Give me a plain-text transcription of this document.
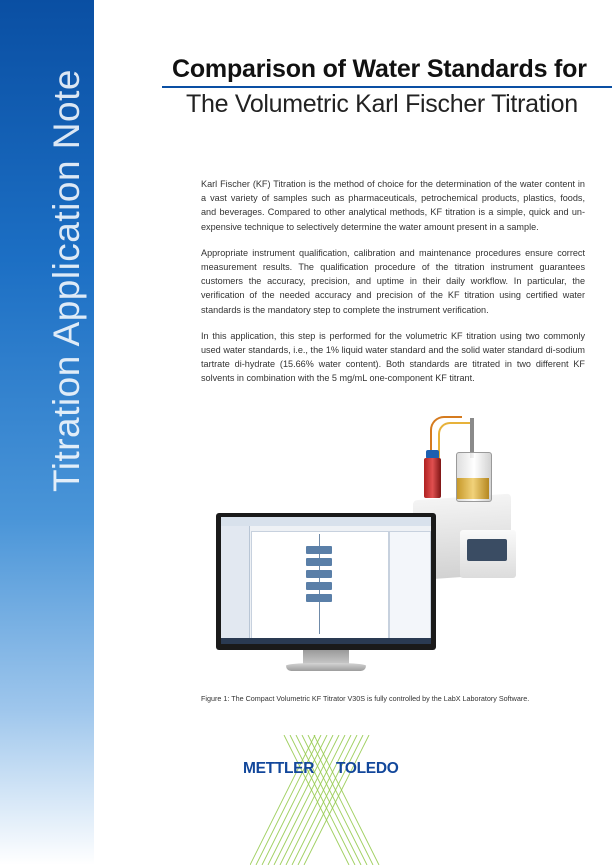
Titration Application Note
Comparison of Water Standards for
The Volumetric Karl Fischer Titration

Karl Fischer (KF) Titration is the method of choice for the determination of the water content in a vast variety of samples such as pharmaceuticals, petrochemical products, plastics, foods, and beverages. Compared to other analytical methods, KF titration is a simple, quick and un-expensive technique to selectively determine the water amount present in a sample.

Appropriate instrument qualification, calibration and maintenance procedures ensure correct measurement results. The qualification procedure of the titration instrument guarantees customers the accuracy, precision, and uptime in their daily workflow. In particular, the verification of the needed accuracy and precision of the KF titration using certified water standards is the mandatory step to complete the instrument verification.

In this application, this step is performed for the volumetric KF titration using two commonly used water standards, i.e., the 1% liquid water standard and the solid water standard di-sodium tartrate di-hydrate (15.66% water content). Both standards are titrated in two different KF solvents in combination with the 5 mg/mL one-component KF titrant.

Figure 1: The Compact Volumetric KF Titrator V30S is fully controlled by the LabX Laboratory Software.
METTLER TOLEDO
